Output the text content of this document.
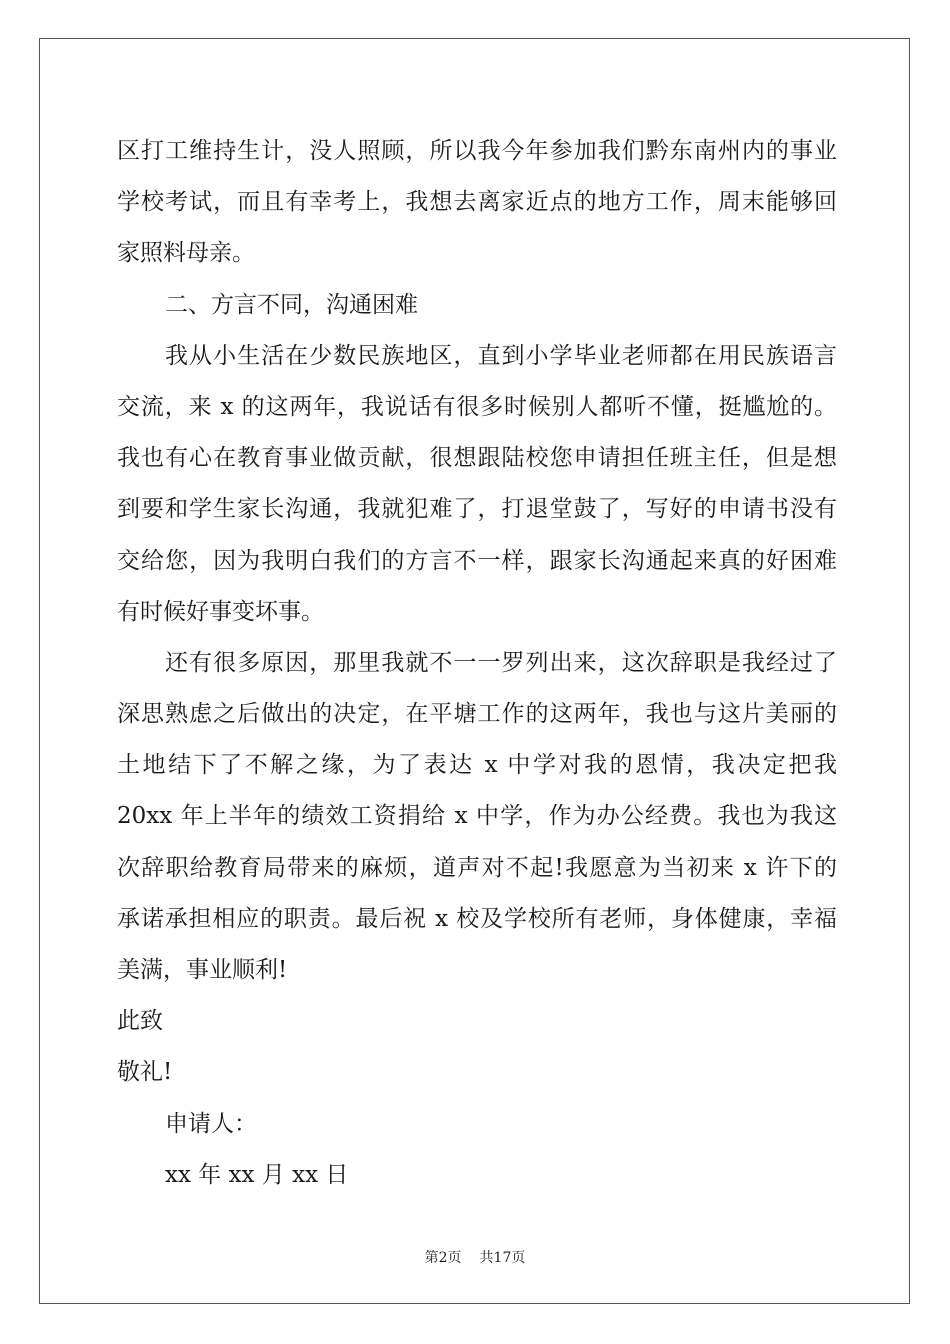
区打工维持生计，没人照顾，所以我今年参加我们黔东南州内的事业
学校考试，而且有幸考上，我想去离家近点的地方工作，周末能够回
家照料母亲。
二、方言不同，沟通困难
我从小生活在少数民族地区，直到小学毕业老师都在用民族语言
交流，来 x 的这两年，我说话有很多时候别人都听不懂，挺尴尬的。
我也有心在教育事业做贡献，很想跟陆校您申请担任班主任，但是想
到要和学生家长沟通，我就犯难了，打退堂鼓了，写好的申请书没有
交给您，因为我明白我们的方言不一样，跟家长沟通起来真的好困难
有时候好事变坏事。
还有很多原因，那里我就不一一罗列出来，这次辞职是我经过了
深思熟虑之后做出的决定，在平塘工作的这两年，我也与这片美丽的
土地结下了不解之缘，为了表达 x 中学对我的恩情，我决定把我
20xx 年上半年的绩效工资捐给 x 中学，作为办公经费。我也为我这
次辞职给教育局带来的麻烦，道声对不起!我愿意为当初来 x 许下的
承诺承担相应的职责。最后祝 x 校及学校所有老师，身体健康，幸福
美满，事业顺利!
此致
敬礼!
申请人：
xx 年 xx 月 xx 日
第2页 共17页
